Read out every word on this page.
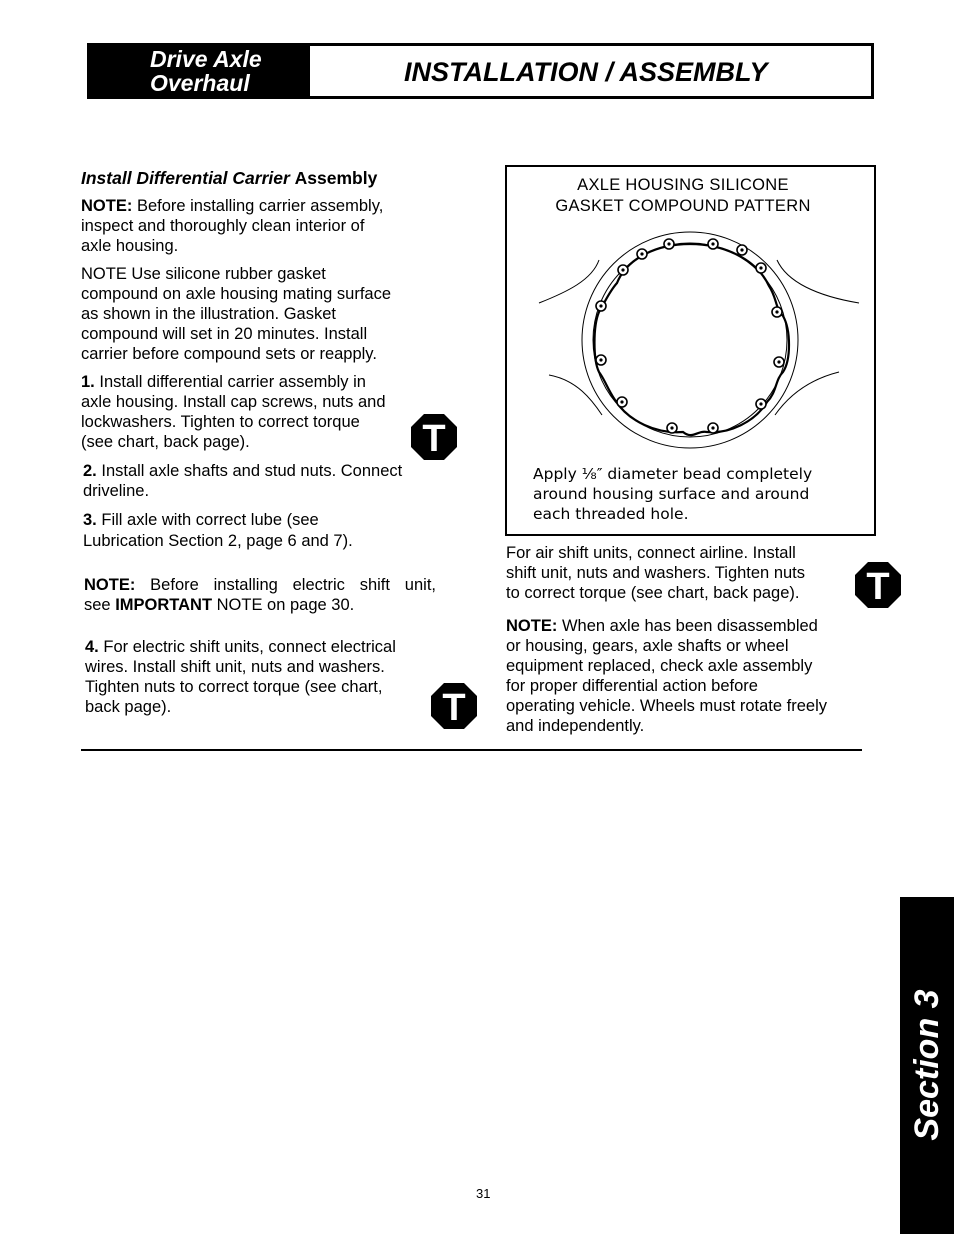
Drive Axle
Overhaul	INSTALLATION / ASSEMBLY
Install Differential Carrier Assembly
NOTE: Before installing carrier assembly,
inspect and thoroughly clean interior of
axle housing.
NOTE Use silicone rubber gasket
compound on axle housing mating surface
as shown in the illustration. Gasket
compound will set in 20 minutes. Install
carrier before compound sets or reapply.
1. Install differential carrier assembly in
axle housing. Install cap screws, nuts and
lockwashers. Tighten to correct torque
(see chart, back page).
2. Install axle shafts and stud nuts. Connect
driveline.
3. Fill axle with correct lube (see
Lubrication Section 2, page 6 and 7).
NOTE: Before installing electric shift unit,
see IMPORTANT NOTE on page 30.
4. For electric shift units, connect electrical
wires. Install shift unit, nuts and washers.
Tighten nuts to correct torque (see chart,
back page).
T
T
T
AXLE HOUSING SILICONE
GASKET COMPOUND PATTERN
Apply ⅛″ diameter bead completely
around housing surface and around
each threaded hole.
For air shift units, connect airline. Install
shift unit, nuts and washers. Tighten nuts
to correct torque (see chart, back page).
NOTE: When axle has been disassembled
or housing, gears, axle shafts or wheel
equipment replaced, check axle assembly
for proper differential action before
operating vehicle. Wheels must rotate freely
and independently.
Section 3
31
